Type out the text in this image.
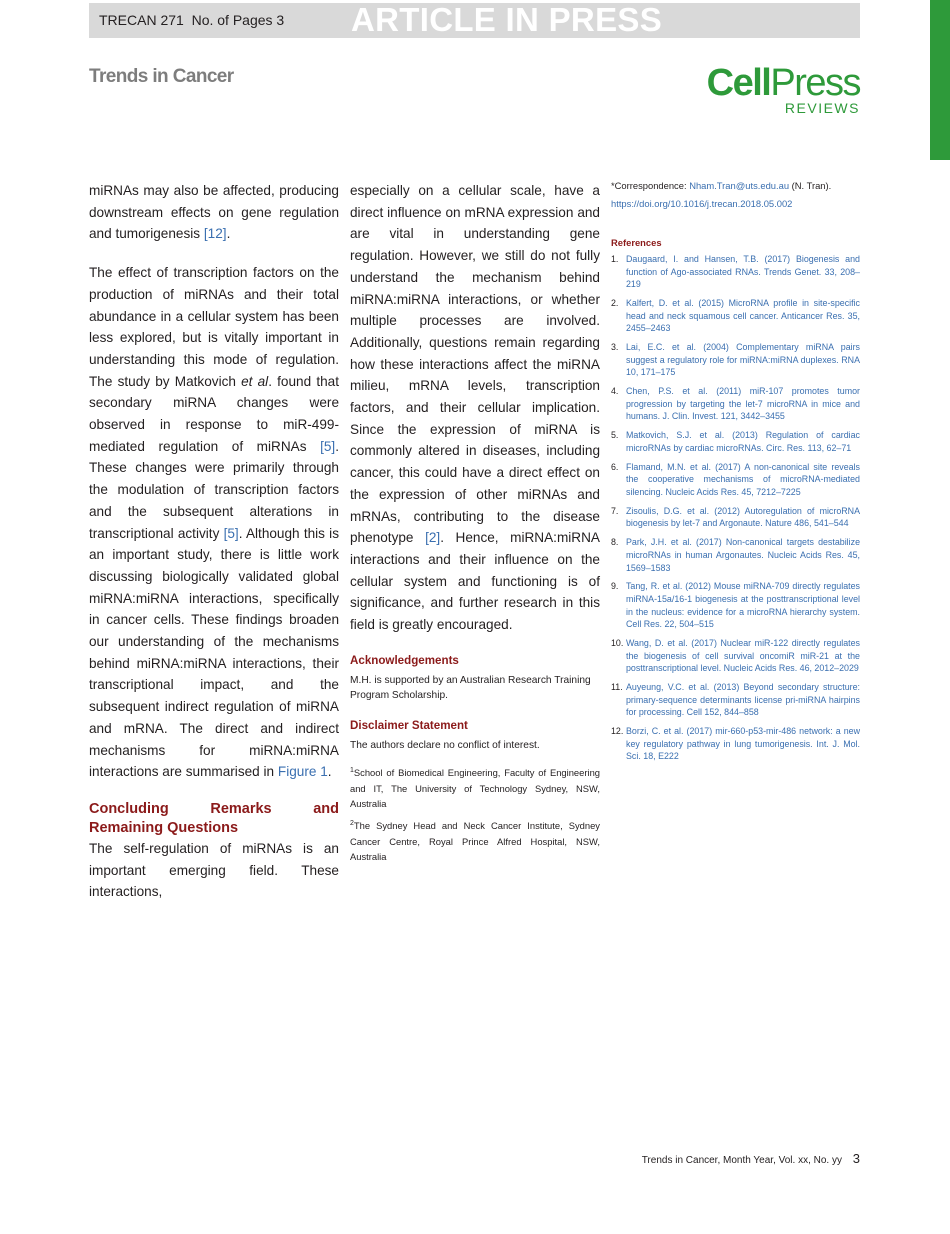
TRECAN 271 No. of Pages 3 ARTICLE IN PRESS
Trends in Cancer	CellPress
REVIEWS

miRNAs may also be affected, producing downstream effects on gene regulation and tumorigenesis [12].

The effect of transcription factors on the production of miRNAs and their total abundance in a cellular system has been less explored, but is vitally important in understanding this mode of regulation. The study by Matkovich et al. found that secondary miRNA changes were observed in response to miR-499-mediated regulation of miRNAs [5]. These changes were primarily through the modulation of transcription factors and the subsequent alterations in transcriptional activity [5]. Although this is an important study, there is little work discussing biologically validated global miRNA:miRNA interactions, specifically in cancer cells. These findings broaden our understanding of the mechanisms behind miRNA:miRNA interactions, their transcriptional impact, and the subsequent indirect regulation of miRNA and mRNA. The direct and indirect mechanisms for miRNA:miRNA interactions are summarised in Figure 1.

Concluding Remarks and Remaining Questions

The self-regulation of miRNAs is an important emerging field. These interactions,

especially on a cellular scale, have a direct influence on mRNA expression and are vital in understanding gene regulation. However, we still do not fully understand the mechanism behind miRNA:miRNA interactions, or whether multiple processes are involved. Additionally, questions remain regarding how these interactions affect the miRNA milieu, mRNA levels, transcription factors, and their cellular implication. Since the expression of miRNA is commonly altered in diseases, including cancer, this could have a direct effect on the expression of other miRNAs and mRNAs, contributing to the disease phenotype [2]. Hence, miRNA:miRNA interactions and their influence on the cellular system and functioning is of significance, and further research in this field is greatly encouraged.

Acknowledgements

M.H. is supported by an Australian Research Training Program Scholarship.

Disclaimer Statement

The authors declare no conflict of interest.

$^1$School of Biomedical Engineering, Faculty of Engineering and IT, The University of Technology Sydney, NSW, Australia
$^2$The Sydney Head and Neck Cancer Institute, Sydney Cancer Centre, Royal Prince Alfred Hospital, NSW, Australia
*Correspondence: Nham.Tran@uts.edu.au (N. Tran).
https://doi.org/10.1016/j.trecan.2018.05.002
References
1. Daugaard, I. and Hansen, T.B. (2017) Biogenesis and function of Ago-associated RNAs. Trends Genet. 33, 208–219
2. Kalfert, D. et al. (2015) MicroRNA profile in site-specific head and neck squamous cell cancer. Anticancer Res. 35, 2455–2463
3. Lai, E.C. et al. (2004) Complementary miRNA pairs suggest a regulatory role for miRNA:miRNA duplexes. RNA 10, 171–175
4. Chen, P.S. et al. (2011) miR-107 promotes tumor progression by targeting the let-7 microRNA in mice and humans. J. Clin. Invest. 121, 3442–3455
5. Matkovich, S.J. et al. (2013) Regulation of cardiac microRNAs by cardiac microRNAs. Circ. Res. 113, 62–71
6. Flamand, M.N. et al. (2017) A non-canonical site reveals the cooperative mechanisms of microRNA-mediated silencing. Nucleic Acids Res. 45, 7212–7225
7. Zisoulis, D.G. et al. (2012) Autoregulation of microRNA biogenesis by let-7 and Argonaute. Nature 486, 541–544
8. Park, J.H. et al. (2017) Non-canonical targets destabilize microRNAs in human Argonautes. Nucleic Acids Res. 45, 1569–1583
9. Tang, R. et al. (2012) Mouse miRNA-709 directly regulates miRNA-15a/16-1 biogenesis at the posttranscriptional level in the nucleus: evidence for a microRNA hierarchy system. Cell Res. 22, 504–515
10. Wang, D. et al. (2017) Nuclear miR-122 directly regulates the biogenesis of cell survival oncomiR miR-21 at the posttranscriptional level. Nucleic Acids Res. 46, 2012–2029
11. Auyeung, V.C. et al. (2013) Beyond secondary structure: primary-sequence determinants license pri-miRNA hairpins for processing. Cell 152, 844–858
12. Borzi, C. et al. (2017) mir-660-p53-mir-486 network: a new key regulatory pathway in lung tumorigenesis. Int. J. Mol. Sci. 18, E222
Trends in Cancer, Month Year, Vol. xx, No. yy 3
